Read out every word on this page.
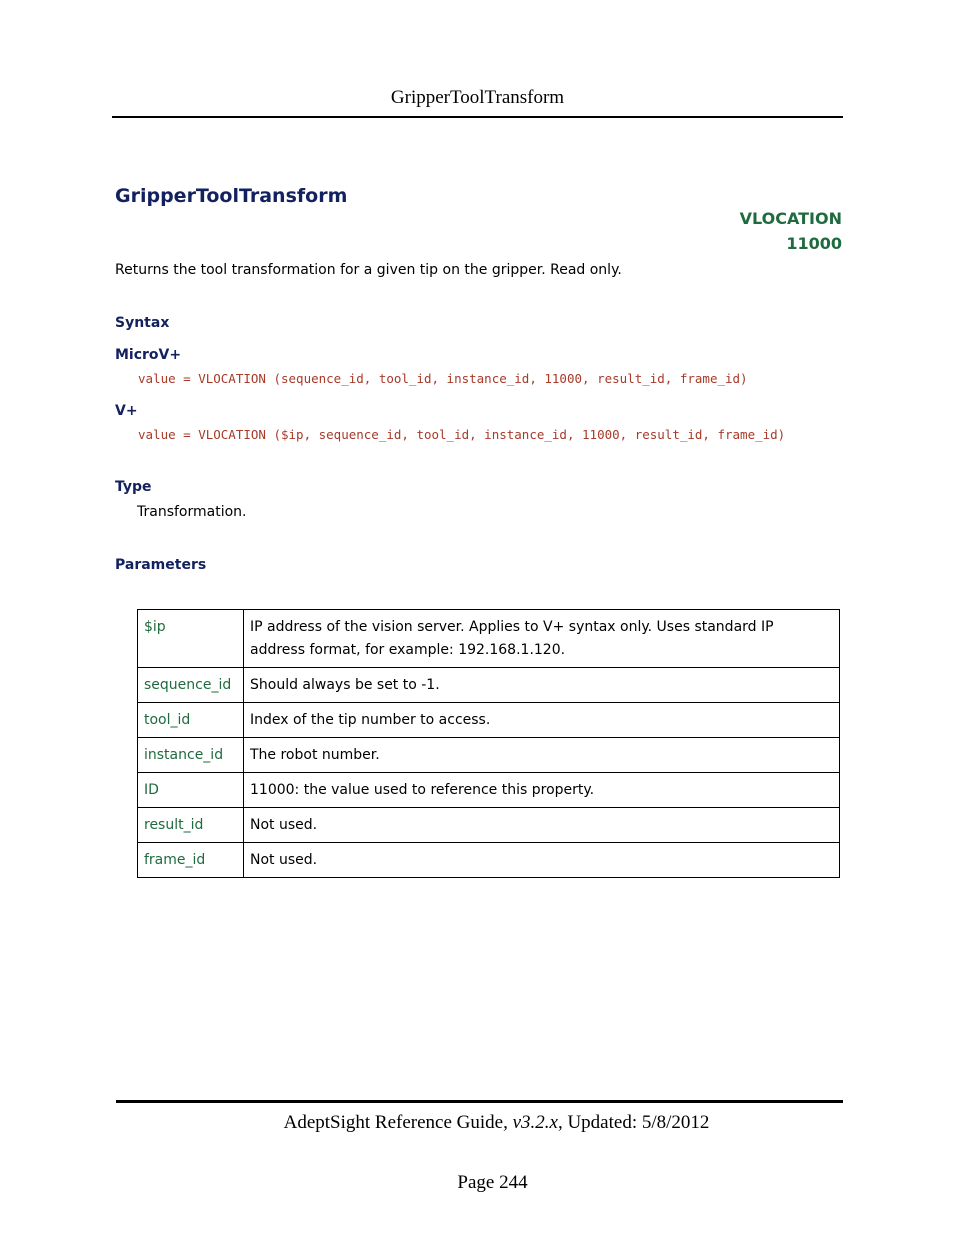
GripperToolTransform
GripperToolTransform
VLOCATION
11000
Returns the tool transformation for a given tip on the gripper. Read only.
Syntax
MicroV+
value = VLOCATION (sequence_id, tool_id, instance_id, 11000, result_id, frame_id)
V+
value = VLOCATION ($ip, sequence_id, tool_id, instance_id, 11000, result_id, frame_id)
Type
Transformation.
Parameters
$ip	IP address of the vision server. Applies to V+ syntax only. Uses standard IP address format, for example: 192.168.1.120.
sequence_id	Should always be set to -1.
tool_id	Index of the tip number to access.
instance_id	The robot number.
ID	11000: the value used to reference this property.
result_id	Not used.
frame_id	Not used.
AdeptSight Reference Guide, v3.2.x, Updated: 5/8/2012
Page 244
